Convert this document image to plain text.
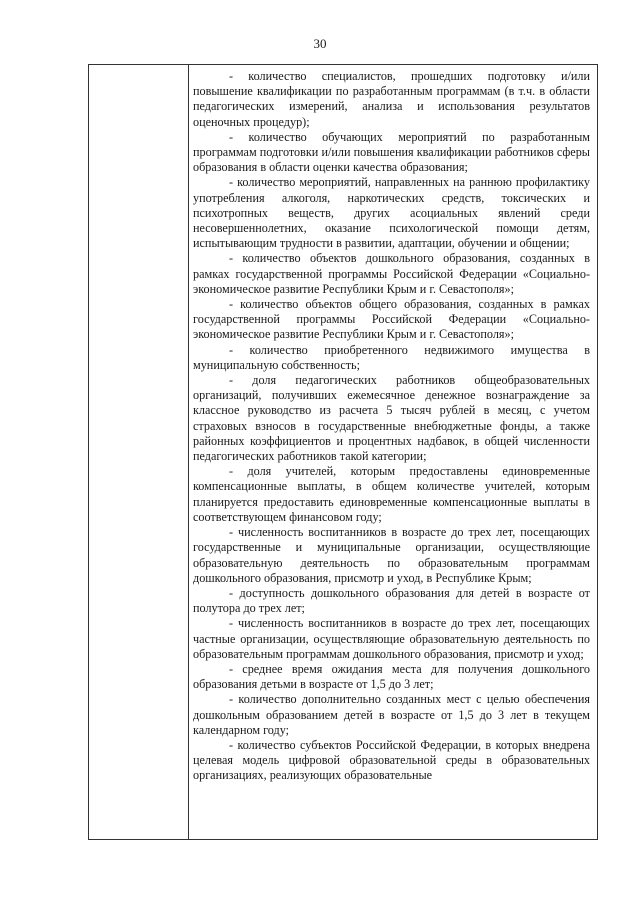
30

- количество специалистов, прошедших подготовку и/или повышение квалификации по разработанным программам (в т.ч. в области педагогических измерений, анализа и использования результатов оценочных процедур);

- количество обучающих мероприятий по разработанным программам подготовки и/или повышения квалификации работников сферы образования в области оценки качества образования;

- количество мероприятий, направленных на раннюю профилактику употребления алкоголя, наркотических средств, токсических и психотропных веществ, других асоциальных явлений среди несовершеннолетних, оказание психологической помощи детям, испытывающим трудности в развитии, адаптации, обучении и общении;

- количество объектов дошкольного образования, созданных в рамках государственной программы Российской Федерации «Социально-экономическое развитие Республики Крым и г. Севастополя»;

- количество объектов общего образования, созданных в рамках государственной программы Российской Федерации «Социально-экономическое развитие Республики Крым и г. Севастополя»;

- количество приобретенного недвижимого имущества в муниципальную собственность;

- доля педагогических работников общеобразовательных организаций, получивших ежемесячное денежное вознаграждение за классное руководство из расчета 5 тысяч рублей в месяц, с учетом страховых взносов в государственные внебюджетные фонды, а также районных коэффициентов и процентных надбавок, в общей численности педагогических работников такой категории;

- доля учителей, которым предоставлены единовременные компенсационные выплаты, в общем количестве учителей, которым планируется предоставить единовременные компенсационные выплаты в соответствующем финансовом году;

- численность воспитанников в возрасте до трех лет, посещающих государственные и муниципальные организации, осуществляющие образовательную деятельность по образовательным программам дошкольного образования, присмотр и уход, в Республике Крым;

- доступность дошкольного образования для детей в возрасте от полутора до трех лет;

- численность воспитанников в возрасте до трех лет, посещающих частные организации, осуществляющие образовательную деятельность по образовательным программам дошкольного образования, присмотр и уход;

- среднее время ожидания места для получения дошкольного образования детьми в возрасте от 1,5 до 3 лет;

- количество дополнительно созданных мест с целью обеспечения дошкольным образованием детей в возрасте от 1,5 до 3 лет в текущем календарном году;

- количество субъектов Российской Федерации, в которых внедрена целевая модель цифровой образовательной среды в образовательных организациях, реализующих образовательные
